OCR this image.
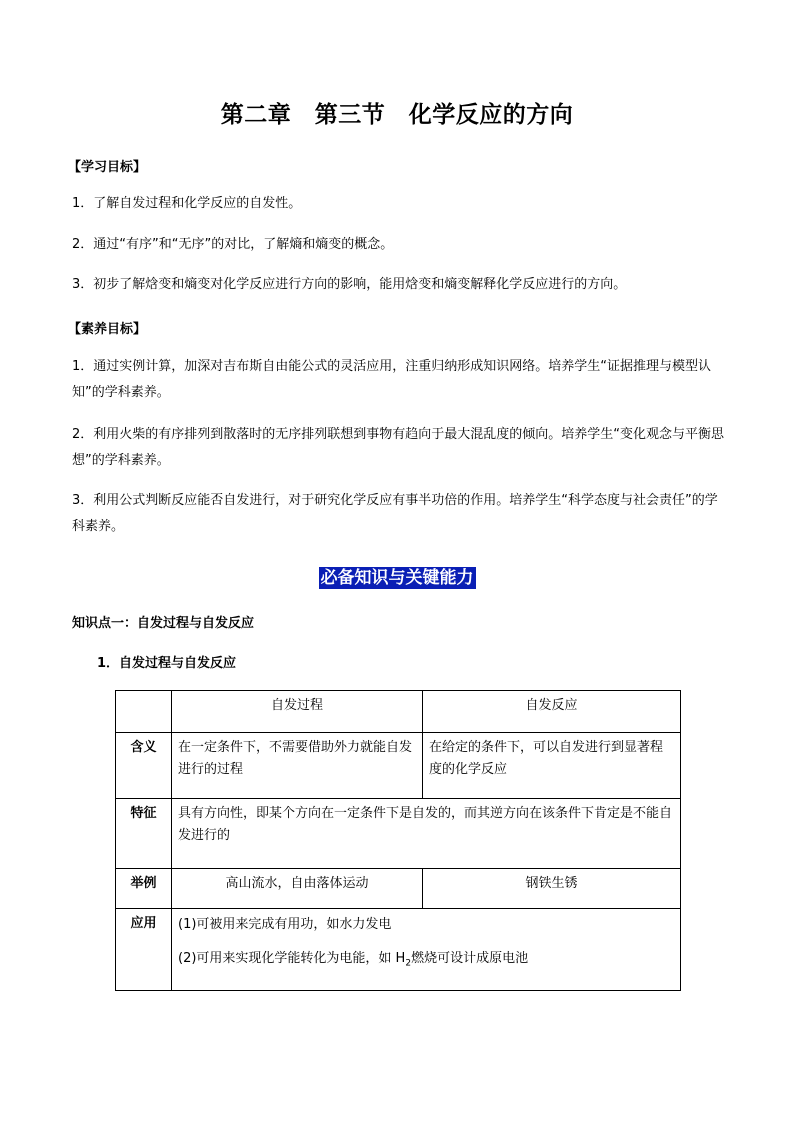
第二章　第三节　化学反应的方向
【学习目标】
1．了解自发过程和化学反应的自发性。
2．通过“有序”和“无序”的对比，了解熵和熵变的概念。
3．初步了解焓变和熵变对化学反应进行方向的影响，能用焓变和熵变解释化学反应进行的方向。
【素养目标】
1．通过实例计算，加深对吉布斯自由能公式的灵活应用，注重归纳形成知识网络。培养学生“证据推理与模型认知”的学科素养。
2．利用火柴的有序排列到散落时的无序排列联想到事物有趋向于最大混乱度的倾向。培养学生“变化观念与平衡思想”的学科素养。
3．利用公式判断反应能否自发进行，对于研究化学反应有事半功倍的作用。培养学生“科学态度与社会责任”的学科素养。
必备知识与关键能力
知识点一：自发过程与自发反应
1．自发过程与自发反应
	自发过程	自发反应
含义	在一定条件下，不需要借助外力就能自发进行的过程	在给定的条件下，可以自发进行到显著程度的化学反应
特征	具有方向性，即某个方向在一定条件下是自发的，而其逆方向在该条件下肯定是不能自发进行的	
举例	高山流水，自由落体运动	钢铁生锈
应用	(1)可被用来完成有用功，如水力发电
(2)可用来实现化学能转化为电能，如 $H_2$燃烧可设计成原电池	
